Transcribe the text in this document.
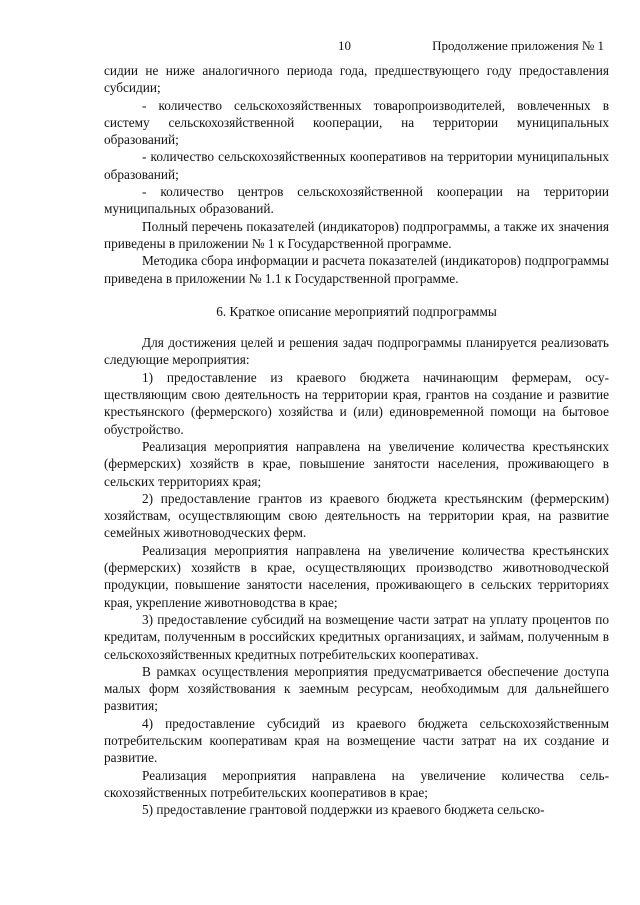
10	Продолжение приложения № 1

сидии не ниже аналогичного периода года, предшествующего году предоставления субсидии;

- количество сельскохозяйственных товаропроизводителей, вовлеченных в систему сельскохозяйственной кооперации, на территории муниципальных образований;

- количество сельскохозяйственных кооперативов на территории муниципальных образований;

- количество центров сельскохозяйственной кооперации на территории муниципальных образований.

Полный перечень показателей (индикаторов) подпрограммы, а также их значения приведены в приложении № 1 к Государственной программе.

Методика сбора информации и расчета показателей (индикаторов) подпрограммы приведена в приложении № 1.1 к Государственной программе.

6. Краткое описание мероприятий подпрограммы

Для достижения целей и решения задач подпрограммы планируется реализовать следующие мероприятия:

1) предоставление из краевого бюджета начинающим фермерам, осуществляющим свою деятельность на территории края, грантов на создание и развитие крестьянского (фермерского) хозяйства и (или) единовременной помощи на бытовое обустройство.

Реализация мероприятия направлена на увеличение количества крестьянских (фермерских) хозяйств в крае, повышение занятости населения, проживающего в сельских территориях края;

2) предоставление грантов из краевого бюджета крестьянским (фермерским) хозяйствам, осуществляющим свою деятельность на территории края, на развитие семейных животноводческих ферм.

Реализация мероприятия направлена на увеличение количества крестьянских (фермерских) хозяйств в крае, осуществляющих производство животноводческой продукции, повышение занятости населения, проживающего в сельских территориях края, укрепление животноводства в крае;

3) предоставление субсидий на возмещение части затрат на уплату процентов по кредитам, полученным в российских кредитных организациях, и займам, полученным в сельскохозяйственных кредитных потребительских кооперативах.

В рамках осуществления мероприятия предусматривается обеспечение доступа малых форм хозяйствования к заемным ресурсам, необходимым для дальнейшего развития;

4) предоставление субсидий из краевого бюджета сельскохозяйственным потребительским кооперативам края на возмещение части затрат на их создание и развитие.

Реализация мероприятия направлена на увеличение количества сельскохозяйственных потребительских кооперативов в крае;

5) предоставление грантовой поддержки из краевого бюджета сельско-
